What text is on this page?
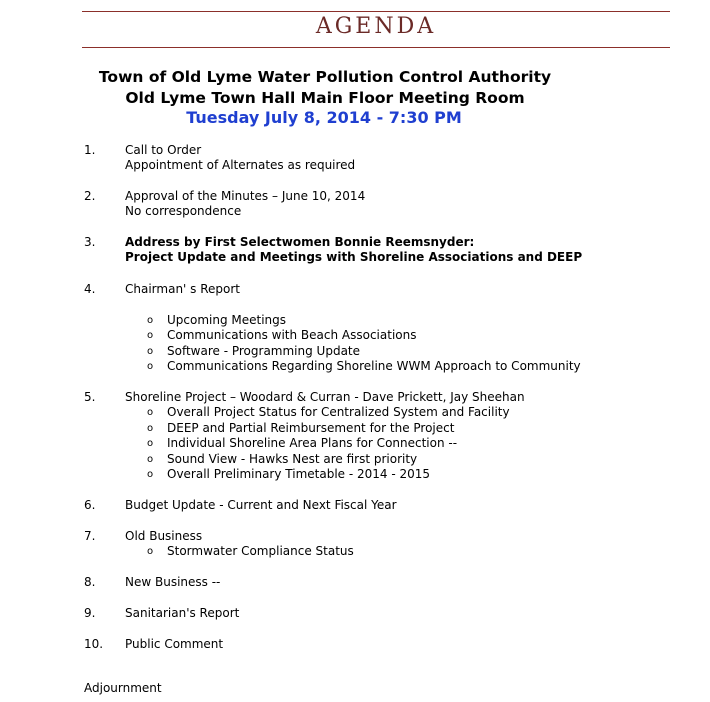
AGENDA
Town of Old Lyme Water Pollution Control Authority
Old Lyme Town Hall Main Floor Meeting Room
Tuesday July 8, 2014 - 7:30 PM
1. Call to Order
Appointment of Alternates as required
2. Approval of the Minutes – June 10, 2014
No correspondence
3. Address by First Selectwomen Bonnie Reemsnyder:
Project Update and Meetings with Shoreline Associations and DEEP
4. Chairman' s Report
o Upcoming Meetings
o Communications with Beach Associations
o Software - Programming Update
o Communications Regarding Shoreline WWM Approach to Community
5. Shoreline Project – Woodard & Curran - Dave Prickett, Jay Sheehan
o Overall Project Status for Centralized System and Facility
o DEEP and Partial Reimbursement for the Project
o Individual Shoreline Area Plans for Connection --
o Sound View - Hawks Nest are first priority
o Overall Preliminary Timetable - 2014 - 2015
6. Budget Update - Current and Next Fiscal Year
7. Old Business
o Stormwater Compliance Status
8. New Business --
9. Sanitarian's Report
10. Public Comment
Adjournment
